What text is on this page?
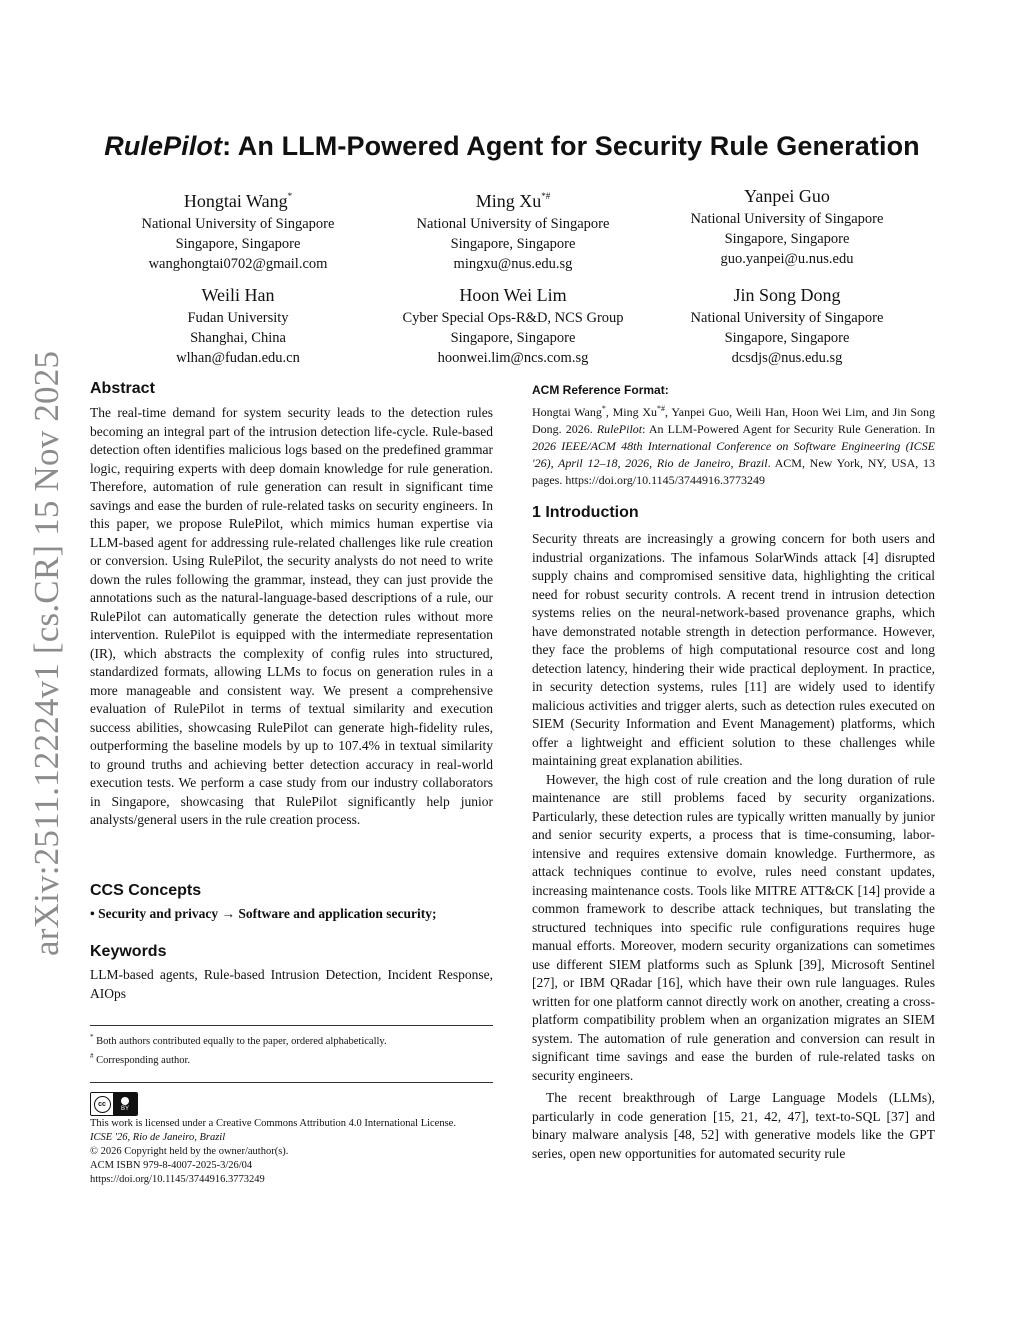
arXiv:2511.12224v1 [cs.CR] 15 Nov 2025
RulePilot: An LLM-Powered Agent for Security Rule Generation
Hongtai Wang*
National University of Singapore
Singapore, Singapore
wanghongtai0702@gmail.com
Ming Xu*#
National University of Singapore
Singapore, Singapore
mingxu@nus.edu.sg
Yanpei Guo
National University of Singapore
Singapore, Singapore
guo.yanpei@u.nus.edu
Weili Han
Fudan University
Shanghai, China
wlhan@fudan.edu.cn
Hoon Wei Lim
Cyber Special Ops-R&D, NCS Group
Singapore, Singapore
hoonwei.lim@ncs.com.sg
Jin Song Dong
National University of Singapore
Singapore, Singapore
dcsdjs@nus.edu.sg
Abstract

The real-time demand for system security leads to the detection rules becoming an integral part of the intrusion detection life-cycle. Rule-based detection often identifies malicious logs based on the predefined grammar logic, requiring experts with deep domain knowledge for rule generation. Therefore, automation of rule generation can result in significant time savings and ease the burden of rule-related tasks on security engineers. In this paper, we propose RulePilot, which mimics human expertise via LLM-based agent for addressing rule-related challenges like rule creation or conversion. Using RulePilot, the security analysts do not need to write down the rules following the grammar, instead, they can just provide the annotations such as the natural-language-based descriptions of a rule, our RulePilot can automatically generate the detection rules without more intervention. RulePilot is equipped with the intermediate representation (IR), which abstracts the complexity of config rules into structured, standardized formats, allowing LLMs to focus on generation rules in a more manageable and consistent way. We present a comprehensive evaluation of RulePilot in terms of textual similarity and execution success abilities, showcasing RulePilot can generate high-fidelity rules, outperforming the baseline models by up to 107.4% in textual similarity to ground truths and achieving better detection accuracy in real-world execution tests. We perform a case study from our industry collaborators in Singapore, showcasing that RulePilot significantly help junior analysts/general users in the rule creation process.

CCS Concepts
• Security and privacy → Software and application security;
Keywords

LLM-based agents, Rule-based Intrusion Detection, Incident Response, AIOps

* Both authors contributed equally to the paper, ordered alphabetically.
# Corresponding author.
cc
BY
This work is licensed under a Creative Commons Attribution 4.0 International License.
ICSE '26, Rio de Janeiro, Brazil
© 2026 Copyright held by the owner/author(s).
ACM ISBN 979-8-4007-2025-3/26/04
https://doi.org/10.1145/3744916.3773249
ACM Reference Format:

Hongtai Wang*, Ming Xu*#, Yanpei Guo, Weili Han, Hoon Wei Lim, and Jin Song Dong. 2026. RulePilot: An LLM-Powered Agent for Security Rule Generation. In 2026 IEEE/ACM 48th International Conference on Software Engineering (ICSE '26), April 12–18, 2026, Rio de Janeiro, Brazil. ACM, New York, NY, USA, 13 pages. https://doi.org/10.1145/3744916.3773249

1 Introduction

Security threats are increasingly a growing concern for both users and industrial organizations. The infamous SolarWinds attack [4] disrupted supply chains and compromised sensitive data, highlighting the critical need for robust security controls. A recent trend in intrusion detection systems relies on the neural-network-based provenance graphs, which have demonstrated notable strength in detection performance. However, they face the problems of high computational resource cost and long detection latency, hindering their wide practical deployment. In practice, in security detection systems, rules [11] are widely used to identify malicious activities and trigger alerts, such as detection rules executed on SIEM (Security Information and Event Management) platforms, which offer a lightweight and efficient solution to these challenges while maintaining great explanation abilities.

However, the high cost of rule creation and the long duration of rule maintenance are still problems faced by security organizations. Particularly, these detection rules are typically written manually by junior and senior security experts, a process that is time-consuming, labor-intensive and requires extensive domain knowledge. Furthermore, as attack techniques continue to evolve, rules need constant updates, increasing maintenance costs. Tools like MITRE ATT&CK [14] provide a common framework to describe attack techniques, but translating the structured techniques into specific rule configurations requires huge manual efforts. Moreover, modern security organizations can sometimes use different SIEM platforms such as Splunk [39], Microsoft Sentinel [27], or IBM QRadar [16], which have their own rule languages. Rules written for one platform cannot directly work on another, creating a cross-platform compatibility problem when an organization migrates an SIEM system. The automation of rule generation and conversion can result in significant time savings and ease the burden of rule-related tasks on security engineers.

The recent breakthrough of Large Language Models (LLMs), particularly in code generation [15, 21, 42, 47], text-to-SQL [37] and binary malware analysis [48, 52] with generative models like the GPT series, open new opportunities for automated security rule
